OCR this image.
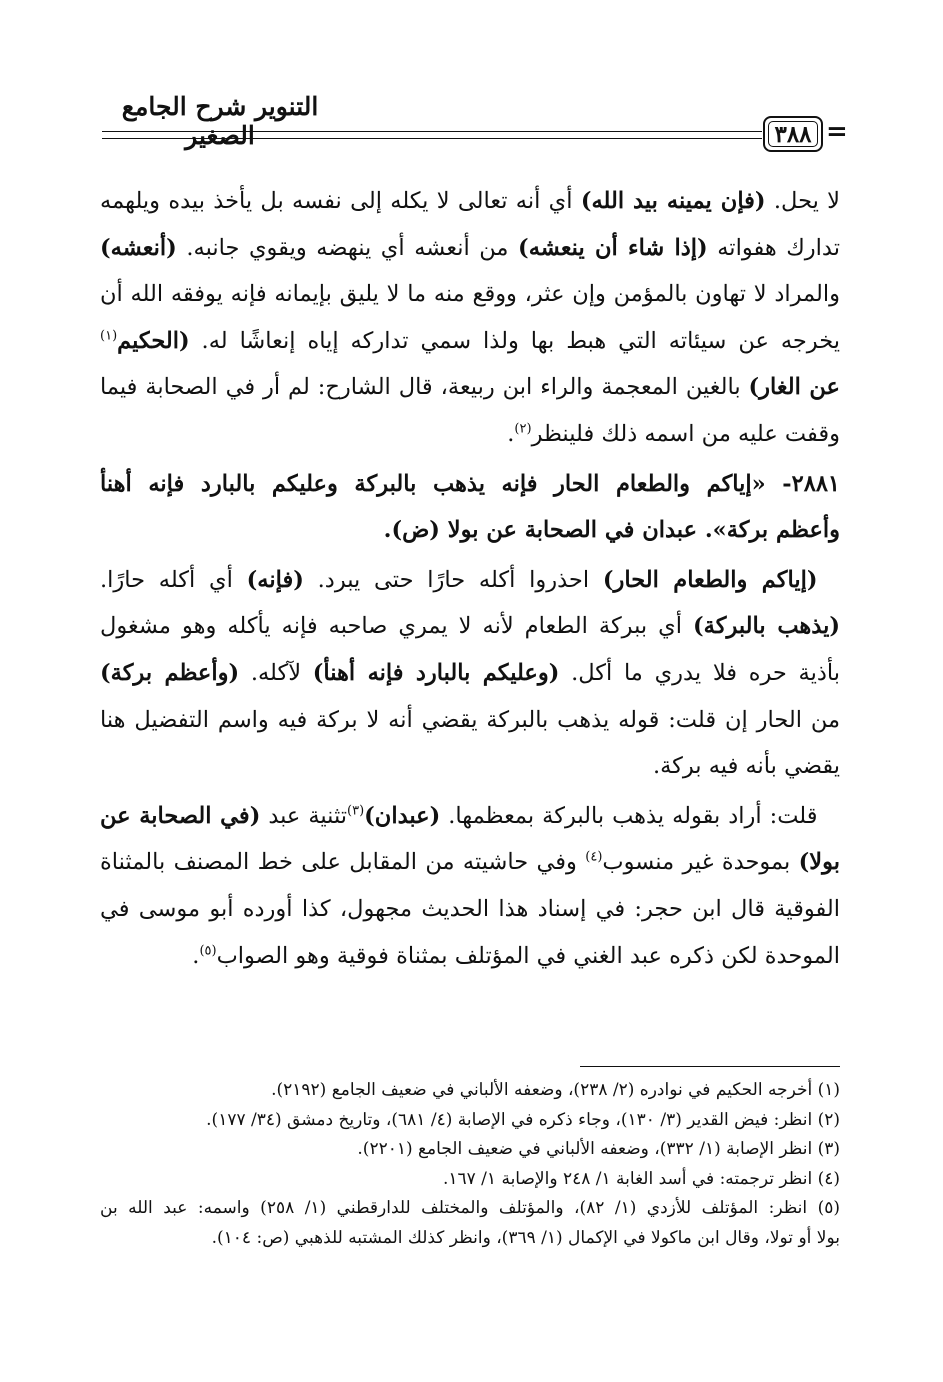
التنوير شرح الجامع الصغير	٣٨٨ =
لا يحل. (فإن يمينه بيد الله) أي أنه تعالى لا يكله إلى نفسه بل يأخذ بيده ويلهمه
تدارك هفواته (إذا شاء أن ينعشه) من أنعشه أي ينهضه ويقوي جانبه. (أنعشه)
والمراد لا تهاون بالمؤمن وإن عثر، ووقع منه ما لا يليق بإيمانه فإنه يوفقه الله أن
يخرجه عن سيئاته التي هبط بها ولذا سمي تداركه إياه إنعاشًا له. (الحكيم$^{(١)}$
عن الغار) بالغين المعجمة والراء ابن ربيعة، قال الشارح: لم أر في الصحابة فيما
وقفت عليه من اسمه ذلك فلينظر$^{(٢)}$.
٢٨٨١- «إياكم والطعام الحار فإنه يذهب بالبركة وعليكم بالبارد فإنه أهنأ
وأعظم بركة». عبدان في الصحابة عن بولا (ض).
 (إياكم والطعام الحار) احذروا أكله حارًا حتى يبرد. (فإنه) أي أكله حارًا.
(يذهب بالبركة) أي ببركة الطعام لأنه لا يمري صاحبه فإنه يأكله وهو مشغول
بأذية حره فلا يدري ما أكل. (وعليكم بالبارد فإنه أهنأ) لآكله. (وأعظم بركة)
من الحار إن قلت: قوله يذهب بالبركة يقضي أنه لا بركة فيه واسم التفضيل هنا
يقضي بأنه فيه بركة.
 قلت: أراد بقوله يذهب بالبركة بمعظمها. (عبدان)$^{(٣)}$تثنية عبد (في الصحابة عن
بولا) بموحدة غير منسوب$^{(٤)}$ وفي حاشيته من المقابل على خط المصنف بالمثناة
الفوقية قال ابن حجر: في إسناد هذا الحديث مجهول، كذا أورده أبو موسى في
الموحدة لكن ذكره عبد الغني في المؤتلف بمثناة فوقية وهو الصواب$^{(٥)}$.
(١) أخرجه الحكيم في نوادره (٢/ ٢٣٨)، وضعفه الألباني في ضعيف الجامع (٢١٩٢).
(٢) انظر: فيض القدير (٣/ ١٣٠)، وجاء ذكره في الإصابة (٤/ ٦٨١)، وتاريخ دمشق (٣٤/ ١٧٧).
(٣) انظر الإصابة (١/ ٣٣٢)، وضعفه الألباني في ضعيف الجامع (٢٢٠١).
(٤) انظر ترجمته: في أسد الغابة ١/ ٢٤٨ والإصابة ١/ ١٦٧.
(٥) انظر: المؤتلف للأزدي (١/ ٨٢)، والمؤتلف والمختلف للدارقطني (١/ ٢٥٨) واسمه: عبد الله بن
بولا أو تولا، وقال ابن ماكولا في الإكمال (١/ ٣٦٩)، وانظر كذلك المشتبه للذهبي (ص: ١٠٤).
